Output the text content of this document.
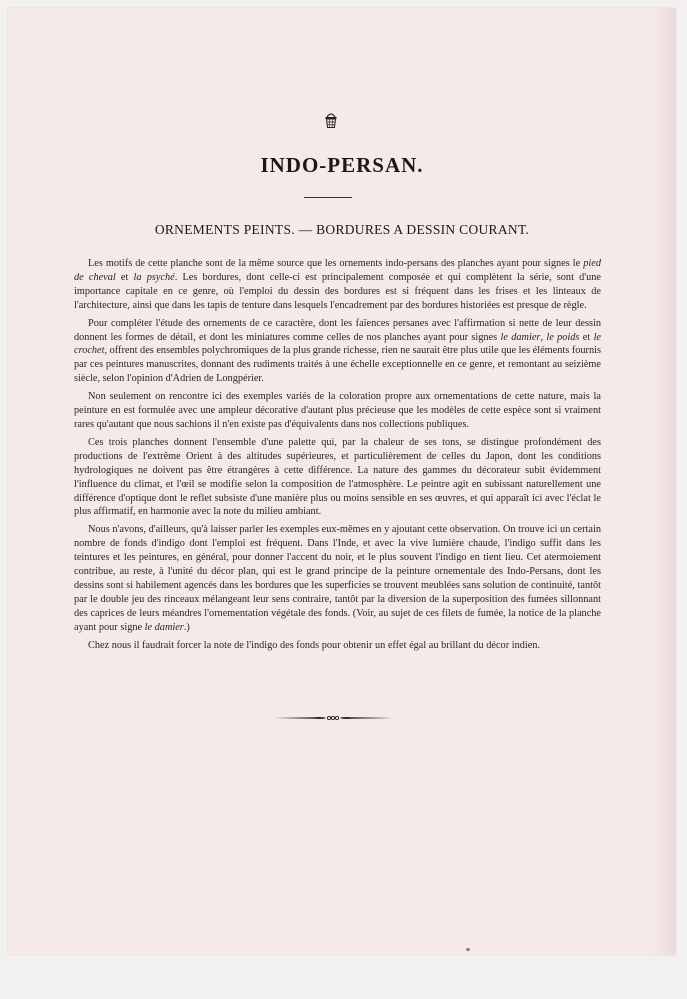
INDO-PERSAN.
ORNEMENTS PEINTS. — BORDURES A DESSIN COURANT.

Les motifs de cette planche sont de la même source que les ornements indo-persans des planches ayant pour signes le pied de cheval et la psyché. Les bordures, dont celle-ci est principalement composée et qui complètent la série, sont d'une importance capitale en ce genre, où l'emploi du dessin des bordures est si fréquent dans les frises et les linteaux de l'architecture, ainsi que dans les tapis de tenture dans lesquels l'encadrement par des bordures historiées est presque de règle.

Pour compléter l'étude des ornements de ce caractère, dont les faïences persanes avec l'affirmation si nette de leur dessin donnent les formes de détail, et dont les miniatures comme celles de nos planches ayant pour signes le damier, le poids et le crochet, offrent des ensembles polychromiques de la plus grande richesse, rien ne saurait être plus utile que les éléments fournis par ces peintures manuscrites, donnant des rudiments traités à une échelle exceptionnelle en ce genre, et remontant au seizième siècle, selon l'opinion d'Adrien de Longpérier.

Non seulement on rencontre ici des exemples variés de la coloration propre aux ornementations de cette nature, mais la peinture en est formulée avec une ampleur décorative d'autant plus précieuse que les modèles de cette espèce sont si vraiment rares qu'autant que nous sachions il n'en existe pas d'équivalents dans nos collections publiques.

Ces trois planches donnent l'ensemble d'une palette qui, par la chaleur de ses tons, se distingue profondément des productions de l'extrême Orient à des altitudes supérieures, et particulièrement de celles du Japon, dont les conditions hydrologiques ne doivent pas être étrangères à cette différence. La nature des gammes du décorateur subit évidemment l'influence du climat, et l'œil se modifie selon la composition de l'atmosphère. Le peintre agit en subissant naturellement une différence d'optique dont le reflet subsiste d'une manière plus ou moins sensible en ses œuvres, et qui apparaît ici avec l'éclat le plus affirmatif, en harmonie avec la note du milieu ambiant.

Nous n'avons, d'ailleurs, qu'à laisser parler les exemples eux-mêmes en y ajoutant cette observation. On trouve ici un certain nombre de fonds d'indigo dont l'emploi est fréquent. Dans l'Inde, et avec la vive lumière chaude, l'indigo suffit dans les teintures et les peintures, en général, pour donner l'accent du noir, et le plus souvent l'indigo en tient lieu. Cet atermoiement contribue, au reste, à l'unité du décor plan, qui est le grand principe de la peinture ornementale des Indo-Persans, dont les dessins sont si habilement agencés dans les bordures que les superficies se trouvent meublées sans solution de continuité, tantôt par le double jeu des rinceaux mélangeant leur sens contraire, tantôt par la diversion de la superposition des fumées sillonnant des caprices de leurs méandres l'ornementation végétale des fonds. (Voir, au sujet de ces filets de fumée, la notice de la planche ayant pour signe le damier.)

Chez nous il faudrait forcer la note de l'indigo des fonds pour obtenir un effet égal au brillant du décor indien.
